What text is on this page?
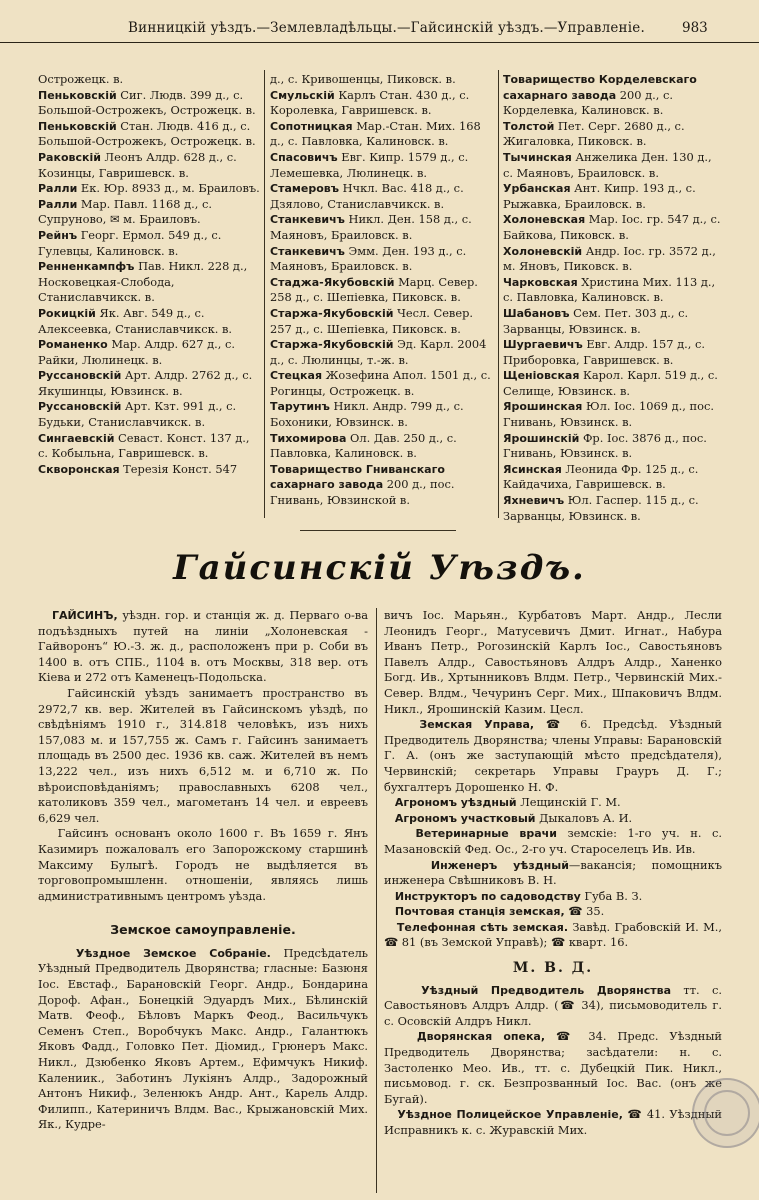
Винницкій уѣздъ.—Землевладѣльцы.—Гайсинскій уѣздъ.—Управленіе.	983

Острожецк. в.

Пеньковскій Сиг. Людв. 399 д., с. Большой-Острожекъ, Острожецк. в.

Пеньковскій Стан. Людв. 416 д., с. Большой-Острожекъ, Острожецк. в.

Раковскій Леонъ Алдр. 628 д., с. Козинцы, Гавришевск. в.

Ралли Ек. Юр. 8933 д., м. Браиловъ.

Ралли Мар. Павл. 1168 д., с. Супруново, ✉ м. Браиловъ.

Рейнъ Георг. Ермол. 549 д., с. Гулевцы, Калиновск. в.

Ренненкампфъ Пав. Никл. 228 д., Носковецкая-Слобода, Станиславчикск. в.

Рокицкій Як. Авг. 549 д., с. Алексеевка, Станиславчикск. в.

Романенко Мар. Алдр. 627 д., с. Райки, Люлинецк. в.

Руссановскій Арт. Алдр. 2762 д., с. Якушинцы, Ювзинск. в.

Руссановскій Арт. Кзт. 991 д., с. Будьки, Станиславчикск. в.

Сингаевскій Севаст. Конст. 137 д., с. Кобыльна, Гавришевск. в.

Скворонская Терезія Конст. 547

д., с. Кривошенцы, Пиковск. в.

Смульскій Карлъ Стан. 430 д., с. Королевка, Гавришевск. в.

Сопотницкая Мар.-Стан. Мих. 168 д., с. Павловка, Калиновск. в.

Спасовичъ Евг. Кипр. 1579 д., с. Лемешевка, Люлинецк. в.

Стамеровъ Нчкл. Вас. 418 д., с. Дзялово, Станиславчикск. в.

Станкевичъ Никл. Ден. 158 д., с. Маяновъ, Браиловск. в.

Станкевичъ Эмм. Ден. 193 д., с. Маяновъ, Браиловск. в.

Стаджа-Якубовскій Марц. Север. 258 д., с. Шепіевка, Пиковск. в.

Старжа-Якубовскій Чесл. Север. 257 д., с. Шепіевка, Пиковск. в.

Старжа-Якубовскій Эд. Карл. 2004 д., с. Люлинцы, т.-ж. в.

Стецкая Жозефина Апол. 1501 д., с. Рогинцы, Острожецк. в.

Тарутинъ Никл. Андр. 799 д., с. Бохоники, Ювзинск. в.

Тихомирова Ол. Дав. 250 д., с. Павловка, Калиновск. в.

Товарищество Гниванскаго сахарнаго завода 200 д., пос. Гнивань, Ювзинской в.

Товарищество Корделевскаго сахарнаго завода 200 д., с. Корделевка, Калиновск. в.

Толстой Пет. Серг. 2680 д., с. Жигаловка, Пиковск. в.

Тычинская Анжелика Ден. 130 д., с. Маяновъ, Браиловск. в.

Урбанская Ант. Кипр. 193 д., с. Рыжавка, Браиловск. в.

Холоневская Мар. Іос. гр. 547 д., с. Байкова, Пиковск. в.

Холоневскій Андр. Іос. гр. 3572 д., м. Яновъ, Пиковск. в.

Чарковская Христина Мих. 113 д., с. Павловка, Калиновск. в.

Шабановъ Сем. Пет. 303 д., с. Зарванцы, Ювзинск. в.

Шургаевичъ Евг. Алдр. 157 д., с. Приборовка, Гавришевск. в.

Щеніовская Карол. Карл. 519 д., с. Селище, Ювзинск. в.

Ярошинская Юл. Іос. 1069 д., пос. Гнивань, Ювзинск. в.

Ярошинскій Фр. Іос. 3876 д., пос. Гнивань, Ювзинск. в.

Ясинская Леонида Фр. 125 д., с. Кайдачиха, Гавришевск. в.

Яхневичъ Юл. Гаспер. 115 д., с. Зарванцы, Ювзинск. в.

Гайсинскій Уѣздъ.

ГАЙСИНЪ, уѣздн. гор. и станція ж. д. Перваго о-ва подъѣздныхъ путей на линіи „Холоневская - Гайворонъ“ Ю.-З. ж. д., расположенъ при р. Соби въ 1400 в. отъ СПБ., 1104 в. отъ Москвы, 318 вер. отъ Кіева и 272 отъ Каменецъ-Подольска.

Гайсинскій уѣздъ занимаетъ пространство въ 2972,7 кв. вер. Жителей въ Гайсинскомъ уѣздѣ, по свѣдѣніямъ 1910 г., 314.818 человѣкъ, изъ нихъ 157,083 м. и 157,755 ж. Самъ г. Гайсинъ занимаетъ площадь въ 2500 дес. 1936 кв. саж. Жителей въ немъ 13,222 чел., изъ нихъ 6,512 м. и 6,710 ж. По вѣроисповѣданіямъ; православныхъ 6208 чел., католиковъ 359 чел., магометанъ 14 чел. и евреевъ 6,629 чел.

Гайсинъ основанъ около 1600 г. Въ 1659 г. Янъ Казимиръ пожаловалъ его Запорожскому старшинѣ Максиму Булыгѣ. Городъ не выдѣляется въ торговопромышленн. отношеніи, являясь лишь административнымъ центромъ уѣзда.

Земское самоуправленіе.

Уѣздное Земское Собраніе. Предсѣдатель Уѣздный Предводитель Дворянства; гласные: Базюня Іос. Евстаф., Барановскій Георг. Андр., Бондарина Дороф. Афан., Бонецкій Эдуардъ Мих., Бѣлинскій Матв. Феоф., Бѣловъ Маркъ Феод., Васильчукъ Семенъ Степ., Воробчукъ Макс. Андр., Галантюкъ Яковъ Фадд., Головко Пет. Діомид., Грюнеръ Макс. Никл., Дзюбенко Яковъ Артем., Ефимчукъ Никиф. Калениик., Заботинъ Лукіянъ Алдр., Задорожный Антонъ Никиф., Зеленюкъ Андр. Ант., Карель Алдр. Филипп., Катериничъ Влдм. Вас., Крыжановскій Мих. Як., Кудре-

вичъ Іос. Марьян., Курбатовъ Март. Андр., Лесли Леонидъ Георг., Матусевичъ Дмит. Игнат., Набура Иванъ Петр., Рогозинскій Карлъ Іос., Савостьяновъ Павелъ Алдр., Савостьяновъ Алдръ Алдр., Ханенко Богд. Ив., Хртынниковъ Влдм. Петр., Червинскій Мих.-Север. Влдм., Чечуринъ Серг. Мих., Шпаковичъ Влдм. Никл., Ярошинскій Казим. Цесл.

Земская Управа, ☎ 6. Предсѣд. Уѣздный Предводитель Дворянства; члены Управы: Барановскій Г. А. (онъ же заступающій мѣсто предсѣдателя), Червинскій; секретарь Управы Грауръ Д. Г.; бухгалтеръ Дорошенко Н. Ф.

Агрономъ уѣздный Лещинскій Г. М.

Агрономъ участковый Дыкаловъ А. И.

Ветеринарные врачи земскіе: 1-го уч. н. с. Мазановскій Фед. Ос., 2-го уч. Староселецъ Ив. Ив.

Инженеръ уѣздный—вакансія; помощникъ инженера Свѣшниковъ В. Н.

Инструкторъ по садоводству Губа В. З.

Почтовая станція земская, ☎ 35.

Телефонная сѣть земская. Завѣд. Грабовскій И. М., ☎ 81 (въ Земской Управѣ); ☎ кварт. 16.

М. В. Д.

Уѣздный Предводитель Дворянства тт. с. Савостьяновъ Алдръ Алдр. (☎ 34), письмоводитель г. с. Осовскій Алдръ Никл.

Дворянская опека, ☎ 34. Предс. Уѣздный Предводитель Дворянства; засѣдатели: н. с. Застоленко Мео. Ив., тт. с. Дубецкій Пик. Никл., письмовод. г. ск. Безпрозванный Іос. Вас. (онъ же Бугай).

Уѣздное Полицейское Управленіе, ☎ 41. Уѣздный Исправникъ к. с. Журавскій Мих.
